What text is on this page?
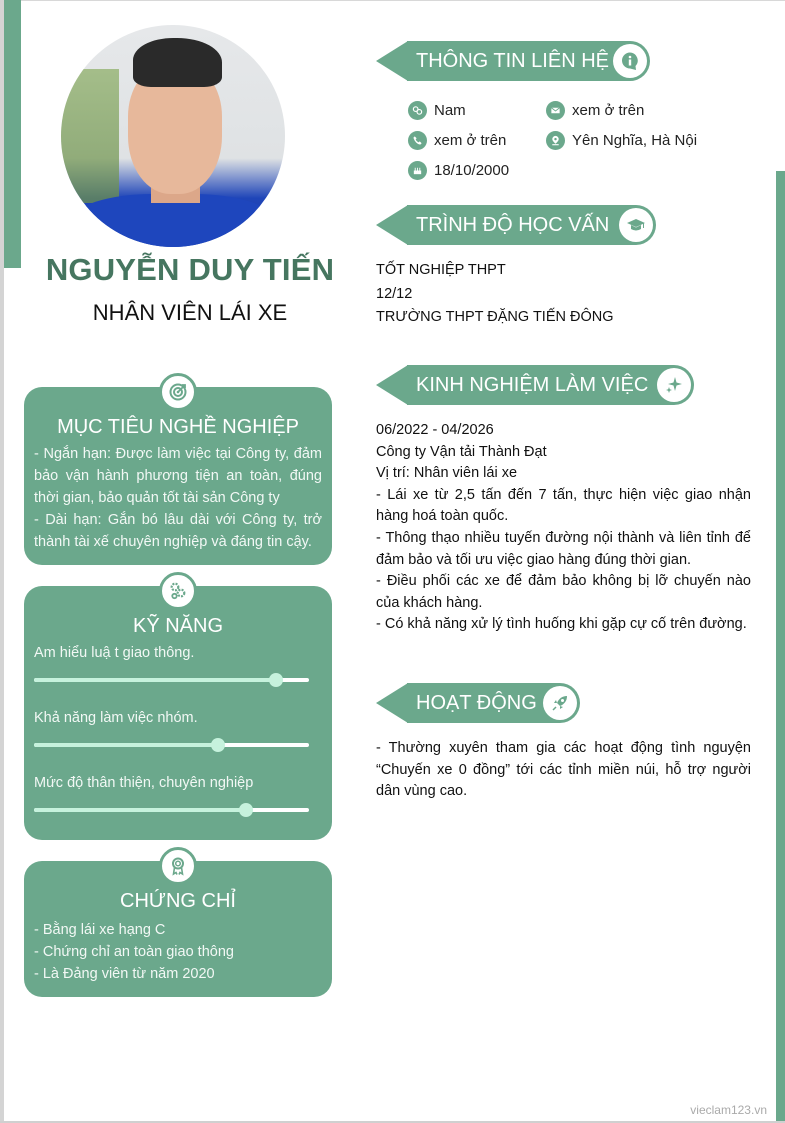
NGUYỄN DUY TIẾN
NHÂN VIÊN LÁI XE
MỤC TIÊU NGHỀ NGHIỆP
- Ngắn hạn: Được làm việc tại Công ty, đảm bảo vận hành phương tiện an toàn, đúng thời gian, bảo quản tốt tài sản Công ty
- Dài hạn: Gắn bó lâu dài với Công ty, trở thành tài xế chuyên nghiệp và đáng tin cậy.
KỸ NĂNG
Am hiểu luậ t giao thông.
Khả năng làm việc nhóm.
Mức độ thân thiện, chuyên nghiệp
CHỨNG CHỈ
- Bằng lái xe hạng C
- Chứng chỉ an toàn giao thông
- Là Đảng viên từ năm 2020
THÔNG TIN LIÊN HỆ
Nam	xem ở trên
xem ở trên	Yên Nghĩa, Hà Nội
18/10/2000
TRÌNH ĐỘ HỌC VẤN
TỐT NGHIỆP THPT
12/12
TRƯỜNG THPT ĐẶNG TIẾN ĐÔNG
KINH NGHIỆM LÀM VIỆC
06/2022 - 04/2026
Công ty Vận tải Thành Đạt
Vị trí: Nhân viên lái xe
- Lái xe từ 2,5 tấn đến 7 tấn, thực hiện việc giao nhận hàng hoá toàn quốc.
- Thông thạo nhiều tuyến đường nội thành và liên tỉnh để đảm bảo và tối ưu việc giao hàng đúng thời gian.
- Điều phối các xe để đảm bảo không bị lỡ chuyến nào của khách hàng.
- Có khả năng xử lý tình huống khi gặp cự cố trên đường.
HOẠT ĐỘNG
- Thường xuyên tham gia các hoạt động tình nguyện “Chuyến xe 0 đồng” tới các tỉnh miền núi, hỗ trợ người dân vùng cao.
vieclam123.vn
